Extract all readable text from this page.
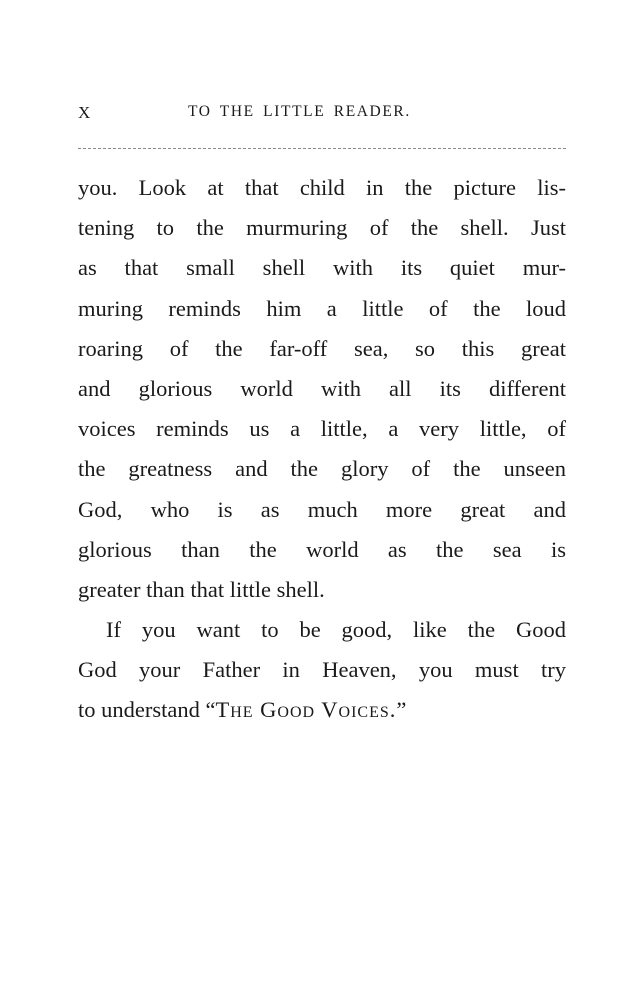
X	TO THE LITTLE READER.
you. Look at that child in the picture lis-
tening to the murmuring of the shell. Just
as that small shell with its quiet mur-
muring reminds him a little of the loud
roaring of the far-off sea, so this great
and glorious world with all its different
voices reminds us a little, a very little, of
the greatness and the glory of the unseen
God, who is as much more great and
glorious than the world as the sea is
greater than that little shell.
If you want to be good, like the Good
God your Father in Heaven, you must try
to understand “The Good Voices.”
